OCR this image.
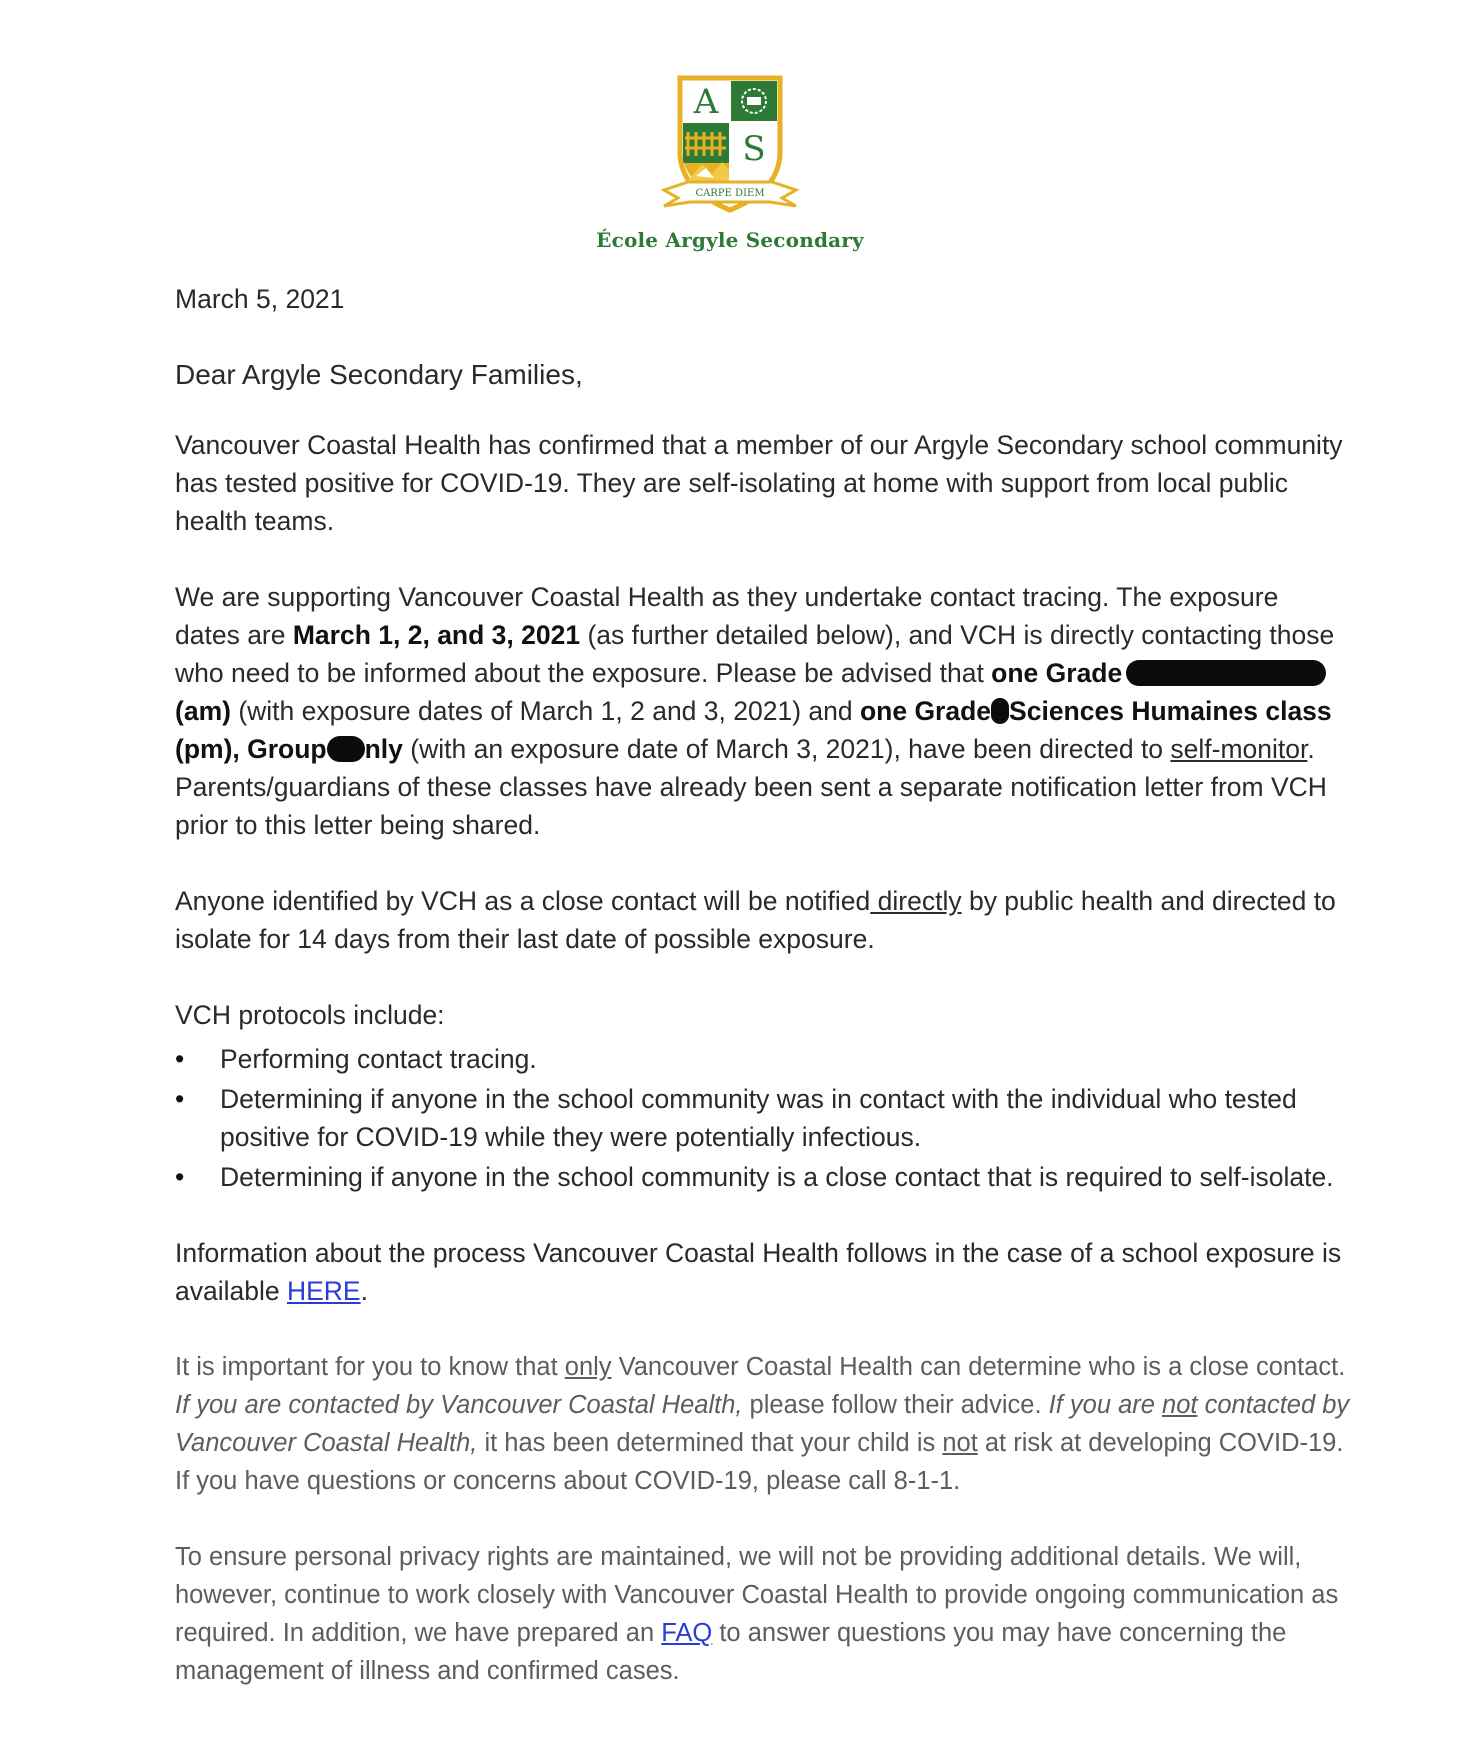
A
S
CARPE DIEM
École Argyle Secondary
March 5, 2021
Dear Argyle Secondary Families,

Vancouver Coastal Health has confirmed that a member of our Argyle Secondary school community has tested positive for COVID-19. They are self-isolating at home with support from local public health teams.

We are supporting Vancouver Coastal Health as they undertake contact tracing. The exposure dates are March 1, 2, and 3, 2021 (as further detailed below), and VCH is directly contacting those who need to be informed about the exposure. Please be advised that one Grade (am) (with exposure dates of March 1, 2 and 3, 2021) and one Grade Sciences Humaines class (pm), Group nly (with an exposure date of March 3, 2021), have been directed to self-monitor. Parents/guardians of these classes have already been sent a separate notification letter from VCH prior to this letter being shared.

Anyone identified by VCH as a close contact will be notified directly by public health and directed to isolate for 14 days from their last date of possible exposure.

VCH protocols include:
• Performing contact tracing.
• Determining if anyone in the school community was in contact with the individual who tested positive for COVID-19 while they were potentially infectious.
• Determining if anyone in the school community is a close contact that is required to self-isolate.

Information about the process Vancouver Coastal Health follows in the case of a school exposure is available HERE.

It is important for you to know that only Vancouver Coastal Health can determine who is a close contact. If you are contacted by Vancouver Coastal Health, please follow their advice. If you are not contacted by Vancouver Coastal Health, it has been determined that your child is not at risk at developing COVID-19. If you have questions or concerns about COVID-19, please call 8-1-1.

To ensure personal privacy rights are maintained, we will not be providing additional details. We will, however, continue to work closely with Vancouver Coastal Health to provide ongoing communication as required. In addition, we have prepared an FAQ to answer questions you may have concerning the management of illness and confirmed cases.
